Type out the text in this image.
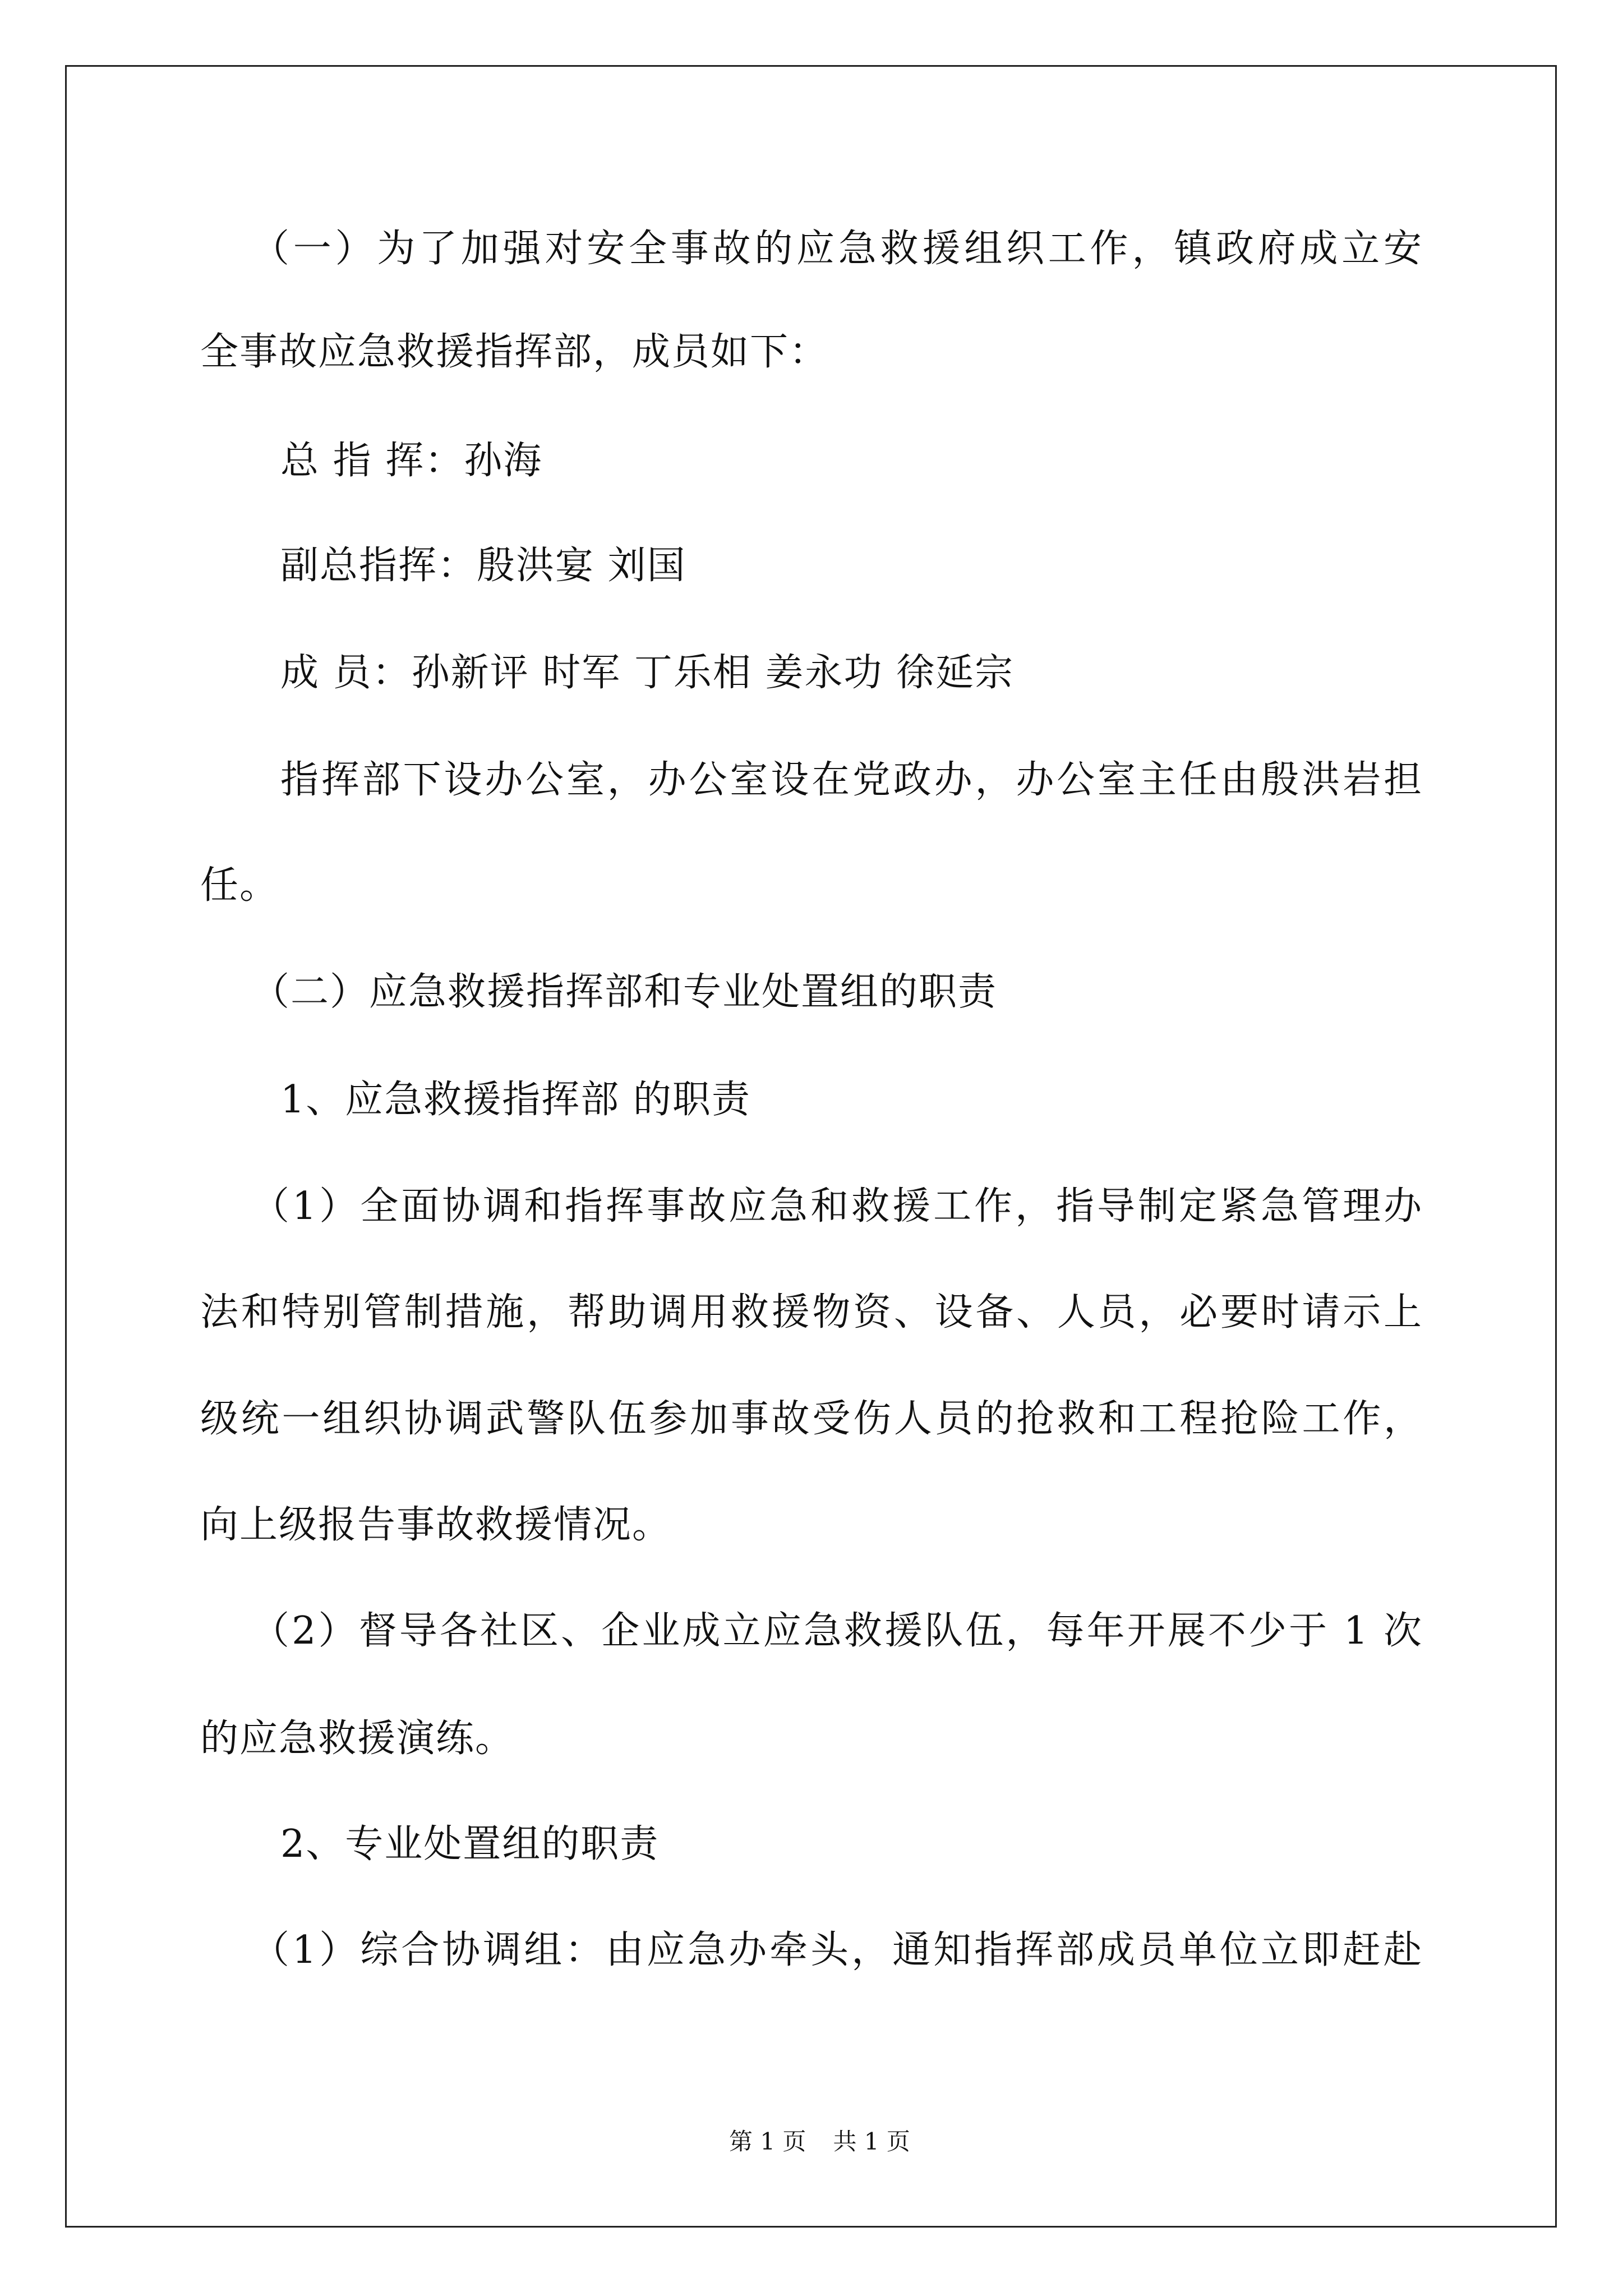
（一）为了加强对安全事故的应急救援组织工作，镇政府成立安
全事故应急救援指挥部，成员如下：
总 指 挥：孙海
副总指挥：殷洪宴 刘国
成 员：孙新评 时军 丁乐相 姜永功 徐延宗
指挥部下设办公室，办公室设在党政办，办公室主任由殷洪岩担
任。
（二）应急救援指挥部和专业处置组的职责
1、应急救援指挥部 的职责
（1）全面协调和指挥事故应急和救援工作，指导制定紧急管理办
法和特别管制措施，帮助调用救援物资、设备、人员，必要时请示上
级统一组织协调武警队伍参加事故受伤人员的抢救和工程抢险工作，
向上级报告事故救援情况。
（2）督导各社区、企业成立应急救援队伍，每年开展不少于 1 次
的应急救援演练。
2、专业处置组的职责
（1）综合协调组：由应急办牵头，通知指挥部成员单位立即赶赴
第 1 页 共 1 页
